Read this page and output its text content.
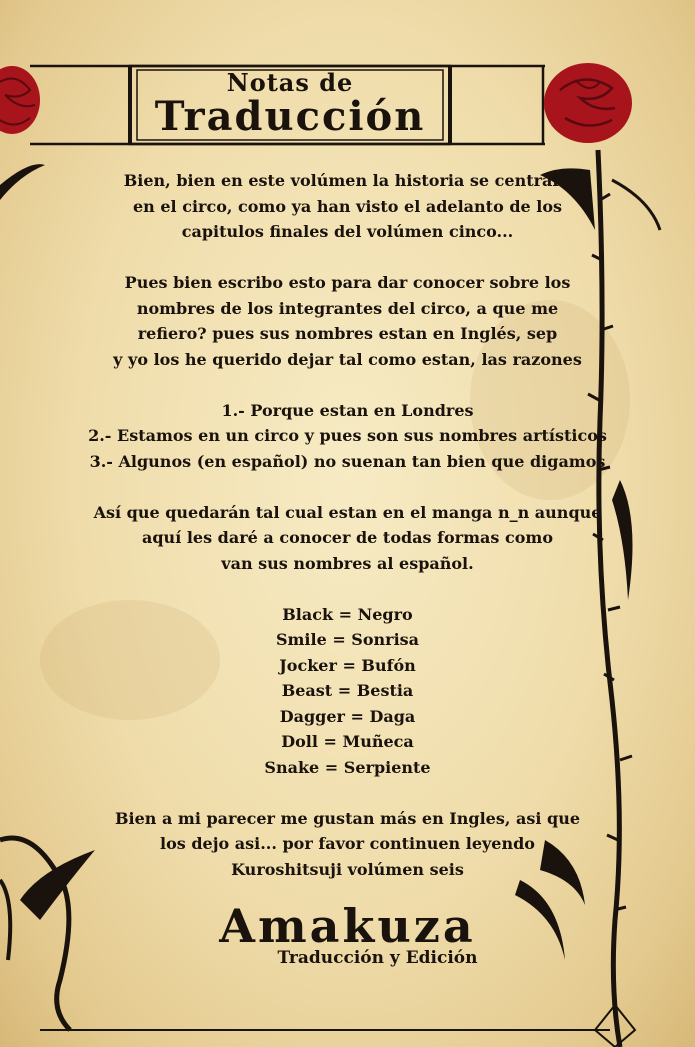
Notas de
Traducción
Bien, bien en este volúmen la historia se centrará
en el circo, como ya han visto el adelanto de los
capitulos finales del volúmen cinco...
Pues bien escribo esto para dar conocer sobre los
nombres de los integrantes del circo, a que me
refiero? pues sus nombres estan en Inglés, sep
y yo los he querido dejar tal como estan, las razones
1.- Porque estan en Londres
2.- Estamos en un circo y pues son sus nombres artísticos
3.- Algunos (en español) no suenan tan bien que digamos
Así que quedarán tal cual estan en el manga n_n aunque
aquí les daré a conocer de todas formas como
van sus nombres al español.
Black = Negro
Smile = Sonrisa
Jocker = Bufón
Beast = Bestia
Dagger = Daga
Doll = Muñeca
Snake = Serpiente
Bien a mi parecer me gustan más en Ingles, asi que
los dejo asi... por favor continuen leyendo
Kuroshitsuji volúmen seis
Amakuza
Traducción y Edición
